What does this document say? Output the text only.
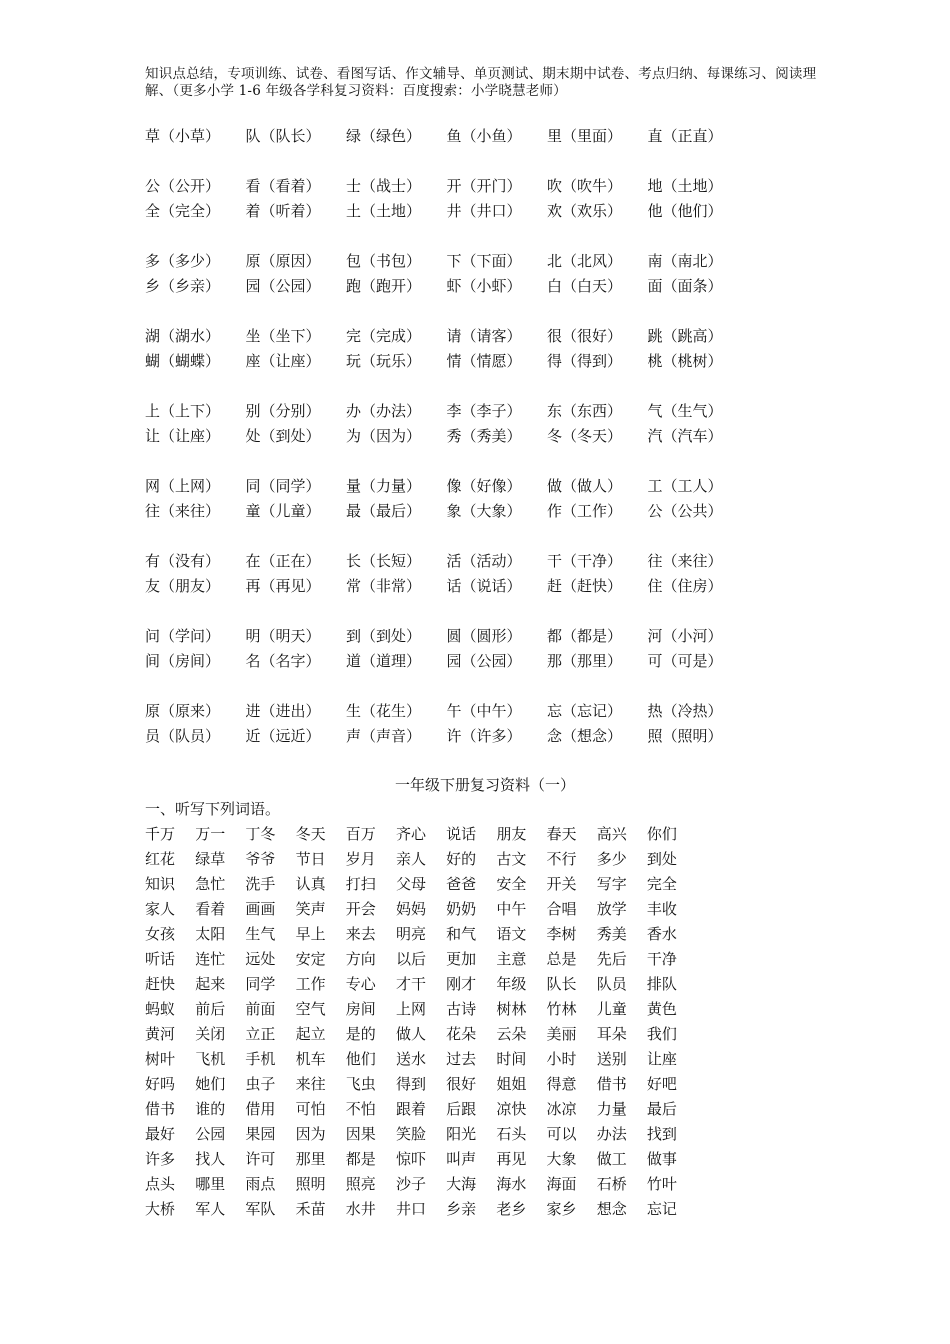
知识点总结，专项训练、试卷、看图写话、作文辅导、单页测试、期末期中试卷、考点归纳、每课练习、阅读理
解、（更多小学 1-6 年级各学科复习资料：百度搜索：小学晓慧老师）
草（小草） 队（队长） 绿（绿色） 鱼（小鱼） 里（里面） 直（正直）
公（公开） 看（看着） 士（战士） 开（开门） 吹（吹牛） 地（土地）
全（完全） 着（听着） 土（土地） 井（井口） 欢（欢乐） 他（他们）
多（多少） 原（原因） 包（书包） 下（下面） 北（北风） 南（南北）
乡（乡亲） 园（公园） 跑（跑开） 虾（小虾） 白（白天） 面（面条）
湖（湖水） 坐（坐下） 完（完成） 请（请客） 很（很好） 跳（跳高）
蝴（蝴蝶） 座（让座） 玩（玩乐） 情（情愿） 得（得到） 桃（桃树）
上（上下） 别（分别） 办（办法） 李（李子） 东（东西） 气（生气）
让（让座） 处（到处） 为（因为） 秀（秀美） 冬（冬天） 汽（汽车）
网（上网） 同（同学） 量（力量） 像（好像） 做（做人） 工（工人）
往（来往） 童（儿童） 最（最后） 象（大象） 作（工作） 公（公共）
有（没有） 在（正在） 长（长短） 活（活动） 干（干净） 往（来往）
友（朋友） 再（再见） 常（非常） 话（说话） 赶（赶快） 住（住房）
问（学问） 明（明天） 到（到处） 圆（圆形） 都（都是） 河（小河）
间（房间） 名（名字） 道（道理） 园（公园） 那（那里） 可（可是）
原（原来） 进（进出） 生（花生） 午（中午） 忘（忘记） 热（冷热）
员（队员） 近（远近） 声（声音） 许（许多） 念（想念） 照（照明）
一年级下册复习资料（一）
一、听写下列词语。
千万 万一 丁冬 冬天 百万 齐心 说话 朋友 春天 高兴 你们
红花 绿草 爷爷 节日 岁月 亲人 好的 古文 不行 多少 到处
知识 急忙 洗手 认真 打扫 父母 爸爸 安全 开关 写字 完全
家人 看着 画画 笑声 开会 妈妈 奶奶 中午 合唱 放学 丰收
女孩 太阳 生气 早上 来去 明亮 和气 语文 李树 秀美 香水
听话 连忙 远处 安定 方向 以后 更加 主意 总是 先后 干净
赶快 起来 同学 工作 专心 才干 刚才 年级 队长 队员 排队
蚂蚁 前后 前面 空气 房间 上网 古诗 树林 竹林 儿童 黄色
黄河 关闭 立正 起立 是的 做人 花朵 云朵 美丽 耳朵 我们
树叶 飞机 手机 机车 他们 送水 过去 时间 小时 送别 让座
好吗 她们 虫子 来往 飞虫 得到 很好 姐姐 得意 借书 好吧
借书 谁的 借用 可怕 不怕 跟着 后跟 凉快 冰凉 力量 最后
最好 公园 果园 因为 因果 笑脸 阳光 石头 可以 办法 找到
许多 找人 许可 那里 都是 惊吓 叫声 再见 大象 做工 做事
点头 哪里 雨点 照明 照亮 沙子 大海 海水 海面 石桥 竹叶
大桥 军人 军队 禾苗 水井 井口 乡亲 老乡 家乡 想念 忘记
